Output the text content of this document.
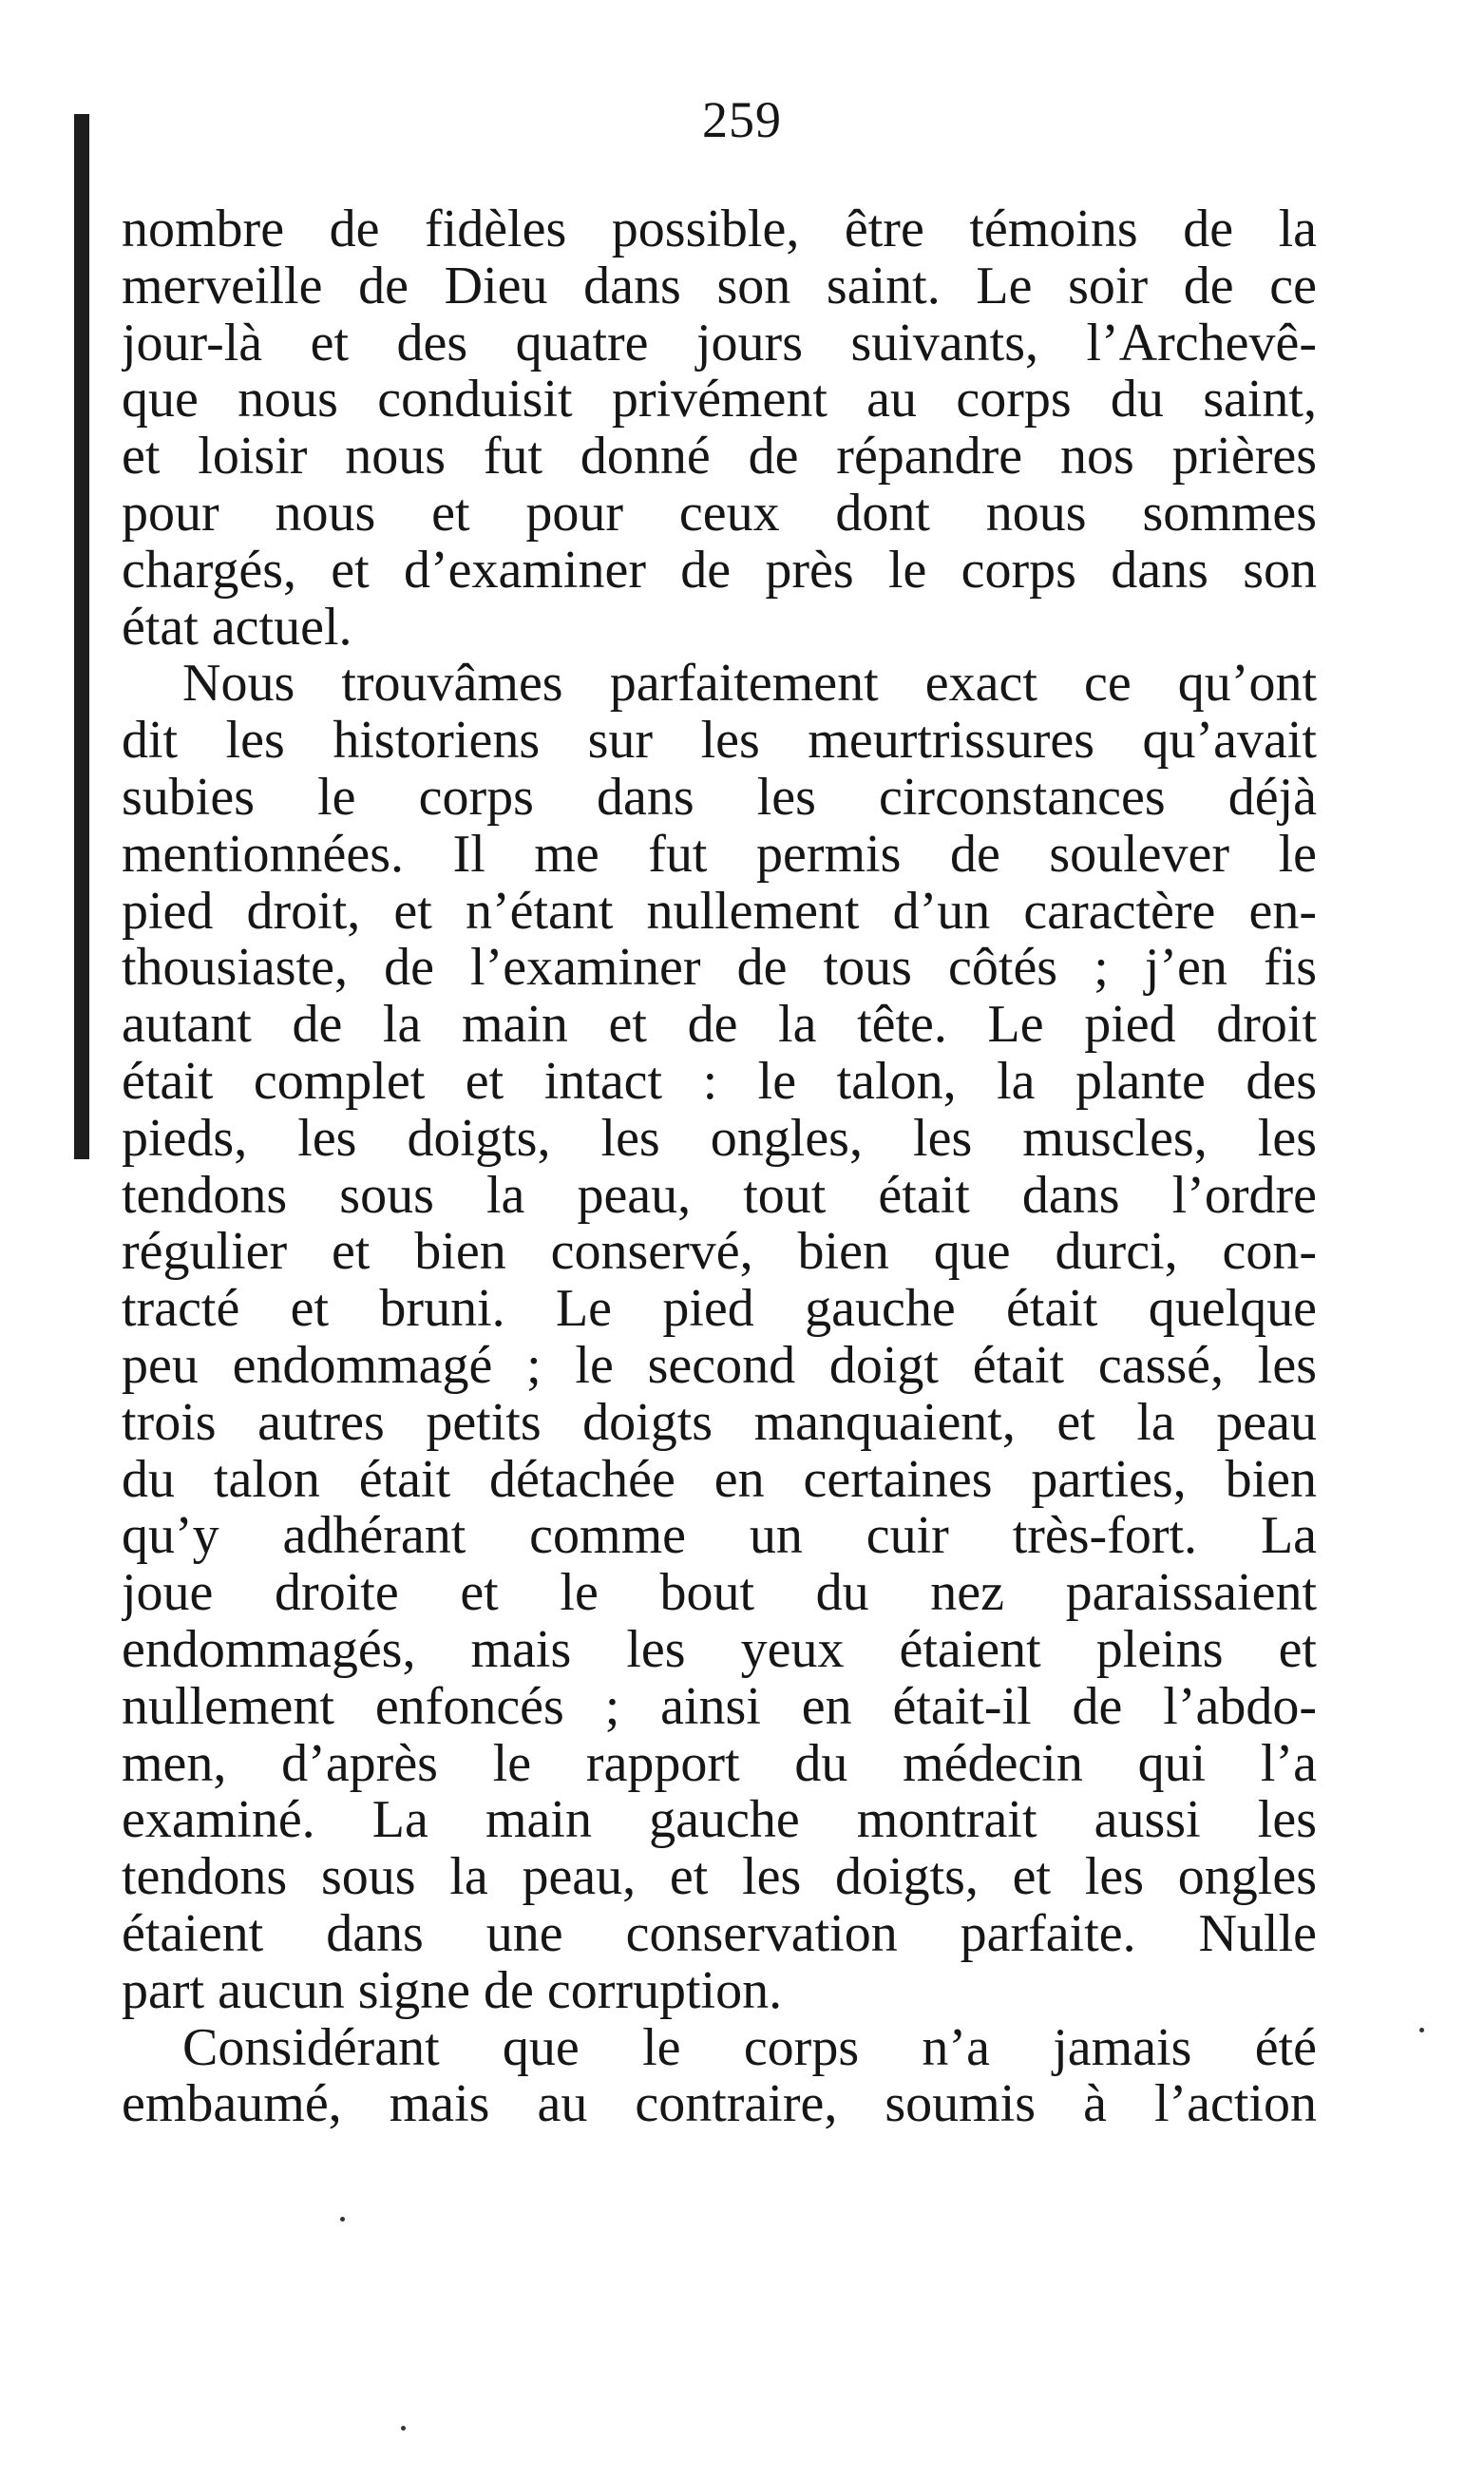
259
nombre de fidèles possible, être témoins de la
merveille de Dieu dans son saint. Le soir de ce
jour-là et des quatre jours suivants, l’Archevê-
que nous conduisit privément au corps du saint,
et loisir nous fut donné de répandre nos prières
pour nous et pour ceux dont nous sommes
chargés, et d’examiner de près le corps dans son
état actuel.
Nous trouvâmes parfaitement exact ce qu’ont
dit les historiens sur les meurtrissures qu’avait
subies le corps dans les circonstances déjà
mentionnées. Il me fut permis de soulever le
pied droit, et n’étant nullement d’un caractère en-
thousiaste, de l’examiner de tous côtés ; j’en fis
autant de la main et de la tête. Le pied droit
était complet et intact : le talon, la plante des
pieds, les doigts, les ongles, les muscles, les
tendons sous la peau, tout était dans l’ordre
régulier et bien conservé, bien que durci, con-
tracté et bruni. Le pied gauche était quelque
peu endommagé ; le second doigt était cassé, les
trois autres petits doigts manquaient, et la peau
du talon était détachée en certaines parties, bien
qu’y adhérant comme un cuir très-fort. La
joue droite et le bout du nez paraissaient
endommagés, mais les yeux étaient pleins et
nullement enfoncés ; ainsi en était-il de l’abdo-
men, d’après le rapport du médecin qui l’a
examiné. La main gauche montrait aussi les
tendons sous la peau, et les doigts, et les ongles
étaient dans une conservation parfaite. Nulle
part aucun signe de corruption.
Considérant que le corps n’a jamais été
embaumé, mais au contraire, soumis à l’action
